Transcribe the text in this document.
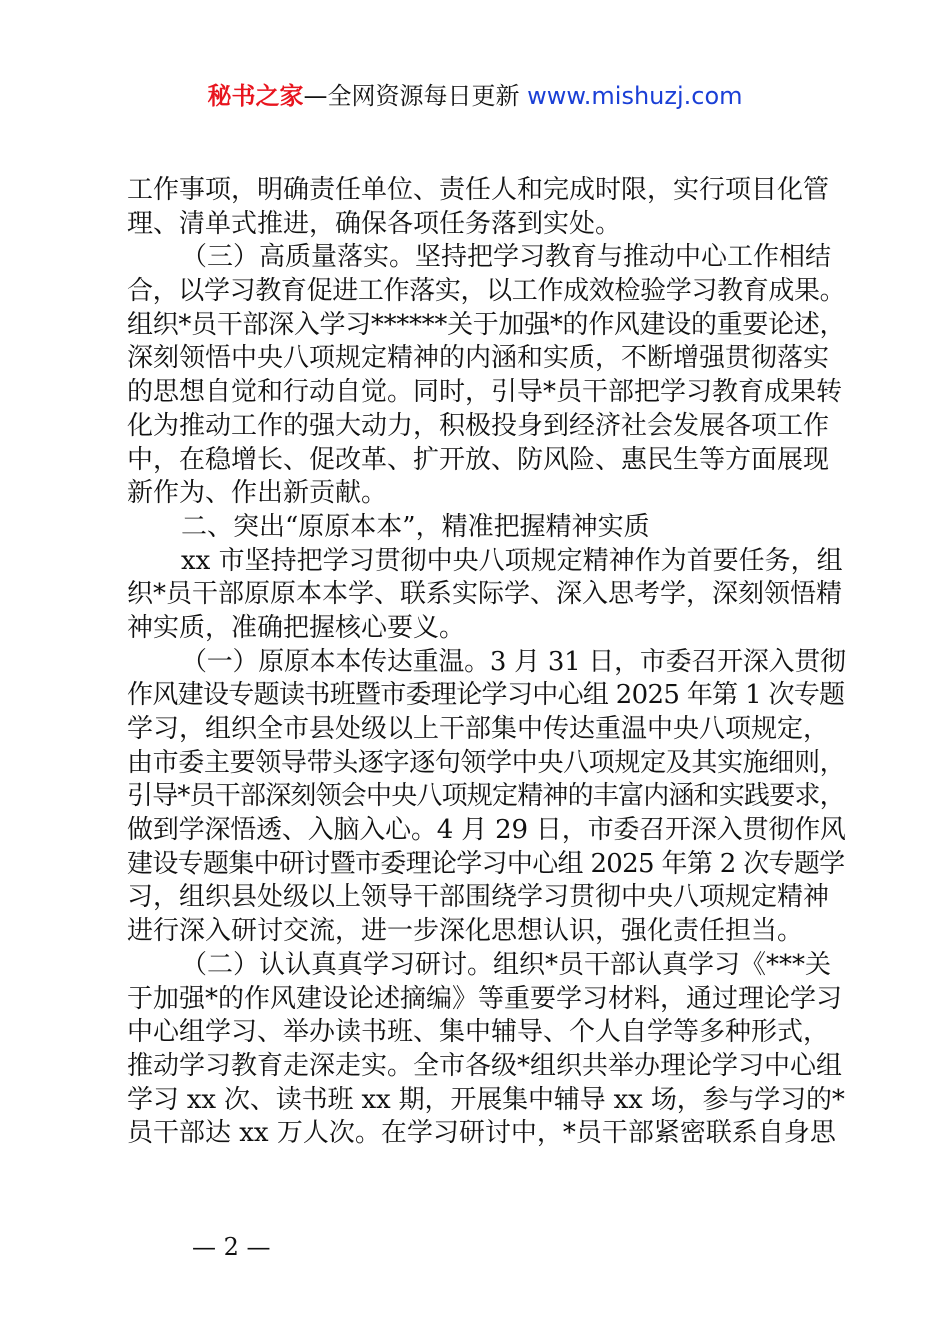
秘书之家—全网资源每日更新 www.mishuzj.com
工作事项，明确责任单位、责任人和完成时限，实行项目化管
理、清单式推进，确保各项任务落到实处。
（三）高质量落实。坚持把学习教育与推动中心工作相结
合，以学习教育促进工作落实，以工作成效检验学习教育成果。
组织*员干部深入学习******关于加强*的作风建设的重要论述，
深刻领悟中央八项规定精神的内涵和实质，不断增强贯彻落实
的思想自觉和行动自觉。同时，引导*员干部把学习教育成果转
化为推动工作的强大动力，积极投身到经济社会发展各项工作
中，在稳增长、促改革、扩开放、防风险、惠民生等方面展现
新作为、作出新贡献。
二、突出“原原本本”，精准把握精神实质
xx 市坚持把学习贯彻中央八项规定精神作为首要任务，组
织*员干部原原本本学、联系实际学、深入思考学，深刻领悟精
神实质，准确把握核心要义。
（一）原原本本传达重温。3 月 31 日，市委召开深入贯彻
作风建设专题读书班暨市委理论学习中心组 2025 年第 1 次专题
学习，组织全市县处级以上干部集中传达重温中央八项规定，
由市委主要领导带头逐字逐句领学中央八项规定及其实施细则，
引导*员干部深刻领会中央八项规定精神的丰富内涵和实践要求，
做到学深悟透、入脑入心。4 月 29 日，市委召开深入贯彻作风
建设专题集中研讨暨市委理论学习中心组 2025 年第 2 次专题学
习，组织县处级以上领导干部围绕学习贯彻中央八项规定精神
进行深入研讨交流，进一步深化思想认识，强化责任担当。
（二）认认真真学习研讨。组织*员干部认真学习《***关
于加强*的作风建设论述摘编》等重要学习材料，通过理论学习
中心组学习、举办读书班、集中辅导、个人自学等多种形式，
推动学习教育走深走实。全市各级*组织共举办理论学习中心组
学习 xx 次、读书班 xx 期，开展集中辅导 xx 场，参与学习的*
员干部达 xx 万人次。在学习研讨中，*员干部紧密联系自身思
— 2 —
